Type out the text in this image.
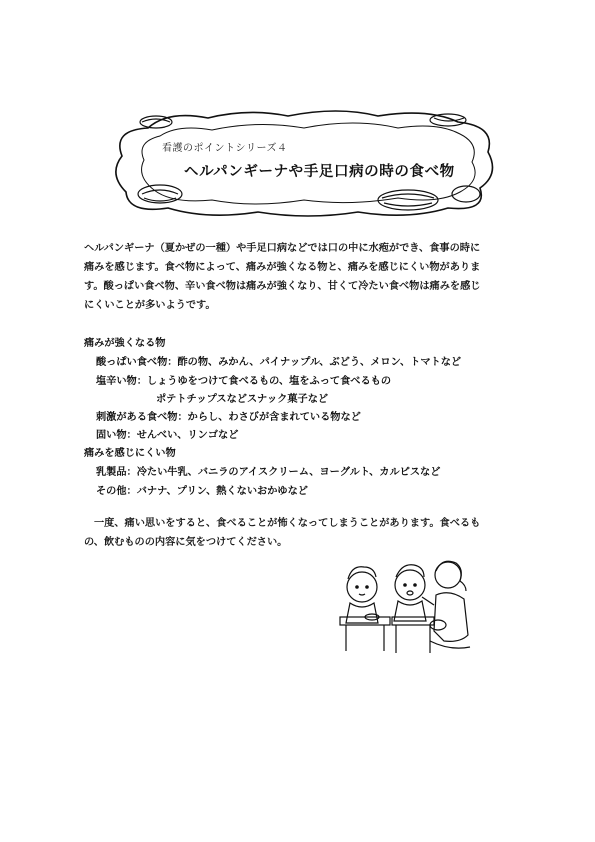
看護のポイントシリーズ４
ヘルパンギーナや手足口病の時の食べ物
ヘルパンギーナ（夏かぜの一種）や手足口病などでは口の中に水疱ができ、食事の時に
痛みを感じます。食べ物によって、痛みが強くなる物と、痛みを感じにくい物がありま
す。酸っぱい食べ物、辛い食べ物は痛みが強くなり、甘くて冷たい食べ物は痛みを感じ
にくいことが多いようです。
痛みが強くなる物
酸っぱい食べ物：酢の物、みかん、パイナップル、ぶどう、メロン、トマトなど
塩辛い物：しょうゆをつけて食べるもの、塩をふって食べるもの
ポテトチップスなどスナック菓子など
刺激がある食べ物：からし、わさびが含まれている物など
固い物：せんべい、リンゴなど
痛みを感じにくい物
乳製品：冷たい牛乳、バニラのアイスクリーム、ヨーグルト、カルピスなど
その他：バナナ、プリン、熱くないおかゆなど
一度、痛い思いをすると、食べることが怖くなってしまうことがあります。食べるも
の、飲むものの内容に気をつけてください。
